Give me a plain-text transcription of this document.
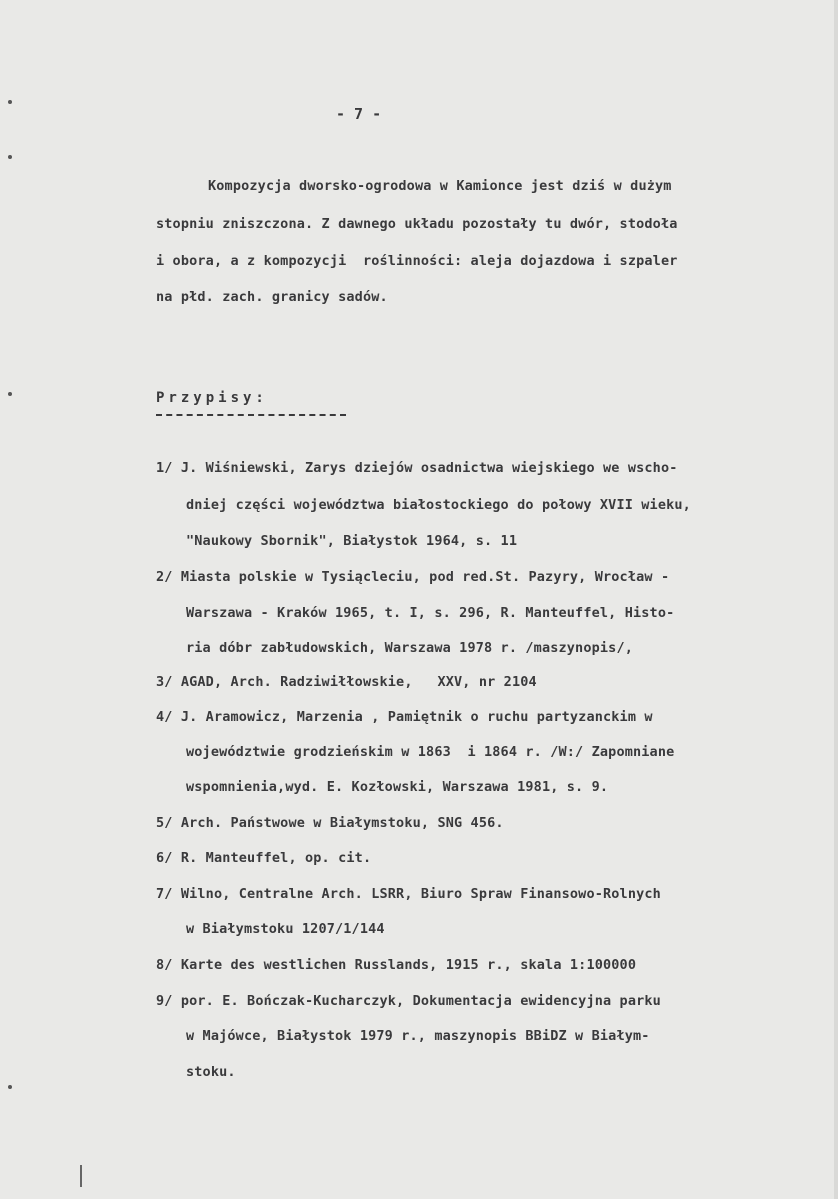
- 7 -
Kompozycja dworsko-ogrodowa w Kamionce jest dziś w dużym
stopniu zniszczona. Z dawnego układu pozostały tu dwór, stodoła
i obora, a z kompozycji  roślinności: aleja dojazdowa i szpaler
na płd. zach. granicy sadów.
Przypisy:
1/ J. Wiśniewski, Zarys dziejów osadnictwa wiejskiego we wscho-
dniej części województwa białostockiego do połowy XVII wieku,
"Naukowy Sbornik", Białystok 1964, s. 11
2/ Miasta polskie w Tysiącleciu, pod red.St. Pazyry, Wrocław -
Warszawa - Kraków 1965, t. I, s. 296, R. Manteuffel, Histo-
ria dóbr zabłudowskich, Warszawa 1978 r. /maszynopis/,
3/ AGAD, Arch. Radziwiłłowskie,   XXV, nr 2104
4/ J. Aramowicz, Marzenia , Pamiętnik o ruchu partyzanckim w
województwie grodzieńskim w 1863  i 1864 r. /W:/ Zapomniane
wspomnienia,wyd. E. Kozłowski, Warszawa 1981, s. 9.
5/ Arch. Państwowe w Białymstoku, SNG 456.
6/ R. Manteuffel, op. cit.
7/ Wilno, Centralne Arch. LSRR, Biuro Spraw Finansowo-Rolnych
w Białymstoku 1207/1/144
8/ Karte des westlichen Russlands, 1915 r., skala 1:100000
9/ por. E. Bończak-Kucharczyk, Dokumentacja ewidencyjna parku
w Majówce, Białystok 1979 r., maszynopis BBiDZ w Białym-
stoku.
